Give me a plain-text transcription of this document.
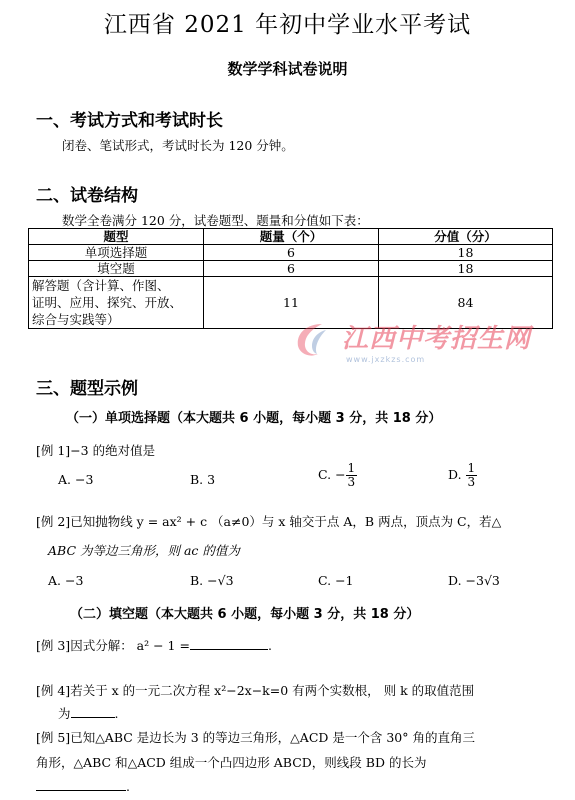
江西省 2021 年初中学业水平考试
数学学科试卷说明
一、考试方式和考试时长
闭卷、笔试形式，考试时长为 120 分钟。
二、试卷结构
数学全卷满分 120 分，试卷题型、题量和分值如下表：
题型	题量（个）	分值（分）
单项选择题	6	18
填空题	6	18

解答题（含计算、作图、
证明、应用、探究、开放、
综合与实践等）	11	84
江西中考招生网
www.jxzkzs.com
三、题型示例
（一）单项选择题（本大题共 6 小题，每小题 3 分，共 18 分）
[例 1]−3 的绝对值是
A. −3	B. 3	C. − $\frac{1}{3}$	D. $\frac{1}{3}$
[例 2]已知抛物线 y = ax² + c （a≠0）与 x 轴交于点 A，B 两点，顶点为 C，若△
ABC 为等边三角形，则 ac 的值为
A. −3	B. −√3	C. −1	D. −3√3
（二）填空题（本大题共 6 小题，每小题 3 分，共 18 分）
[例 3]因式分解： a² − 1 =	.
[例 4]若关于 x 的一元二次方程 x²−2x−k=0 有两个实数根， 则 k 的取值范围
为	.
[例 5]已知△ABC 是边长为 3 的等边三角形，△ACD 是一个含 30° 角的直角三
角形，△ABC 和△ACD 组成一个凸四边形 ABCD，则线段 BD 的长为
.
